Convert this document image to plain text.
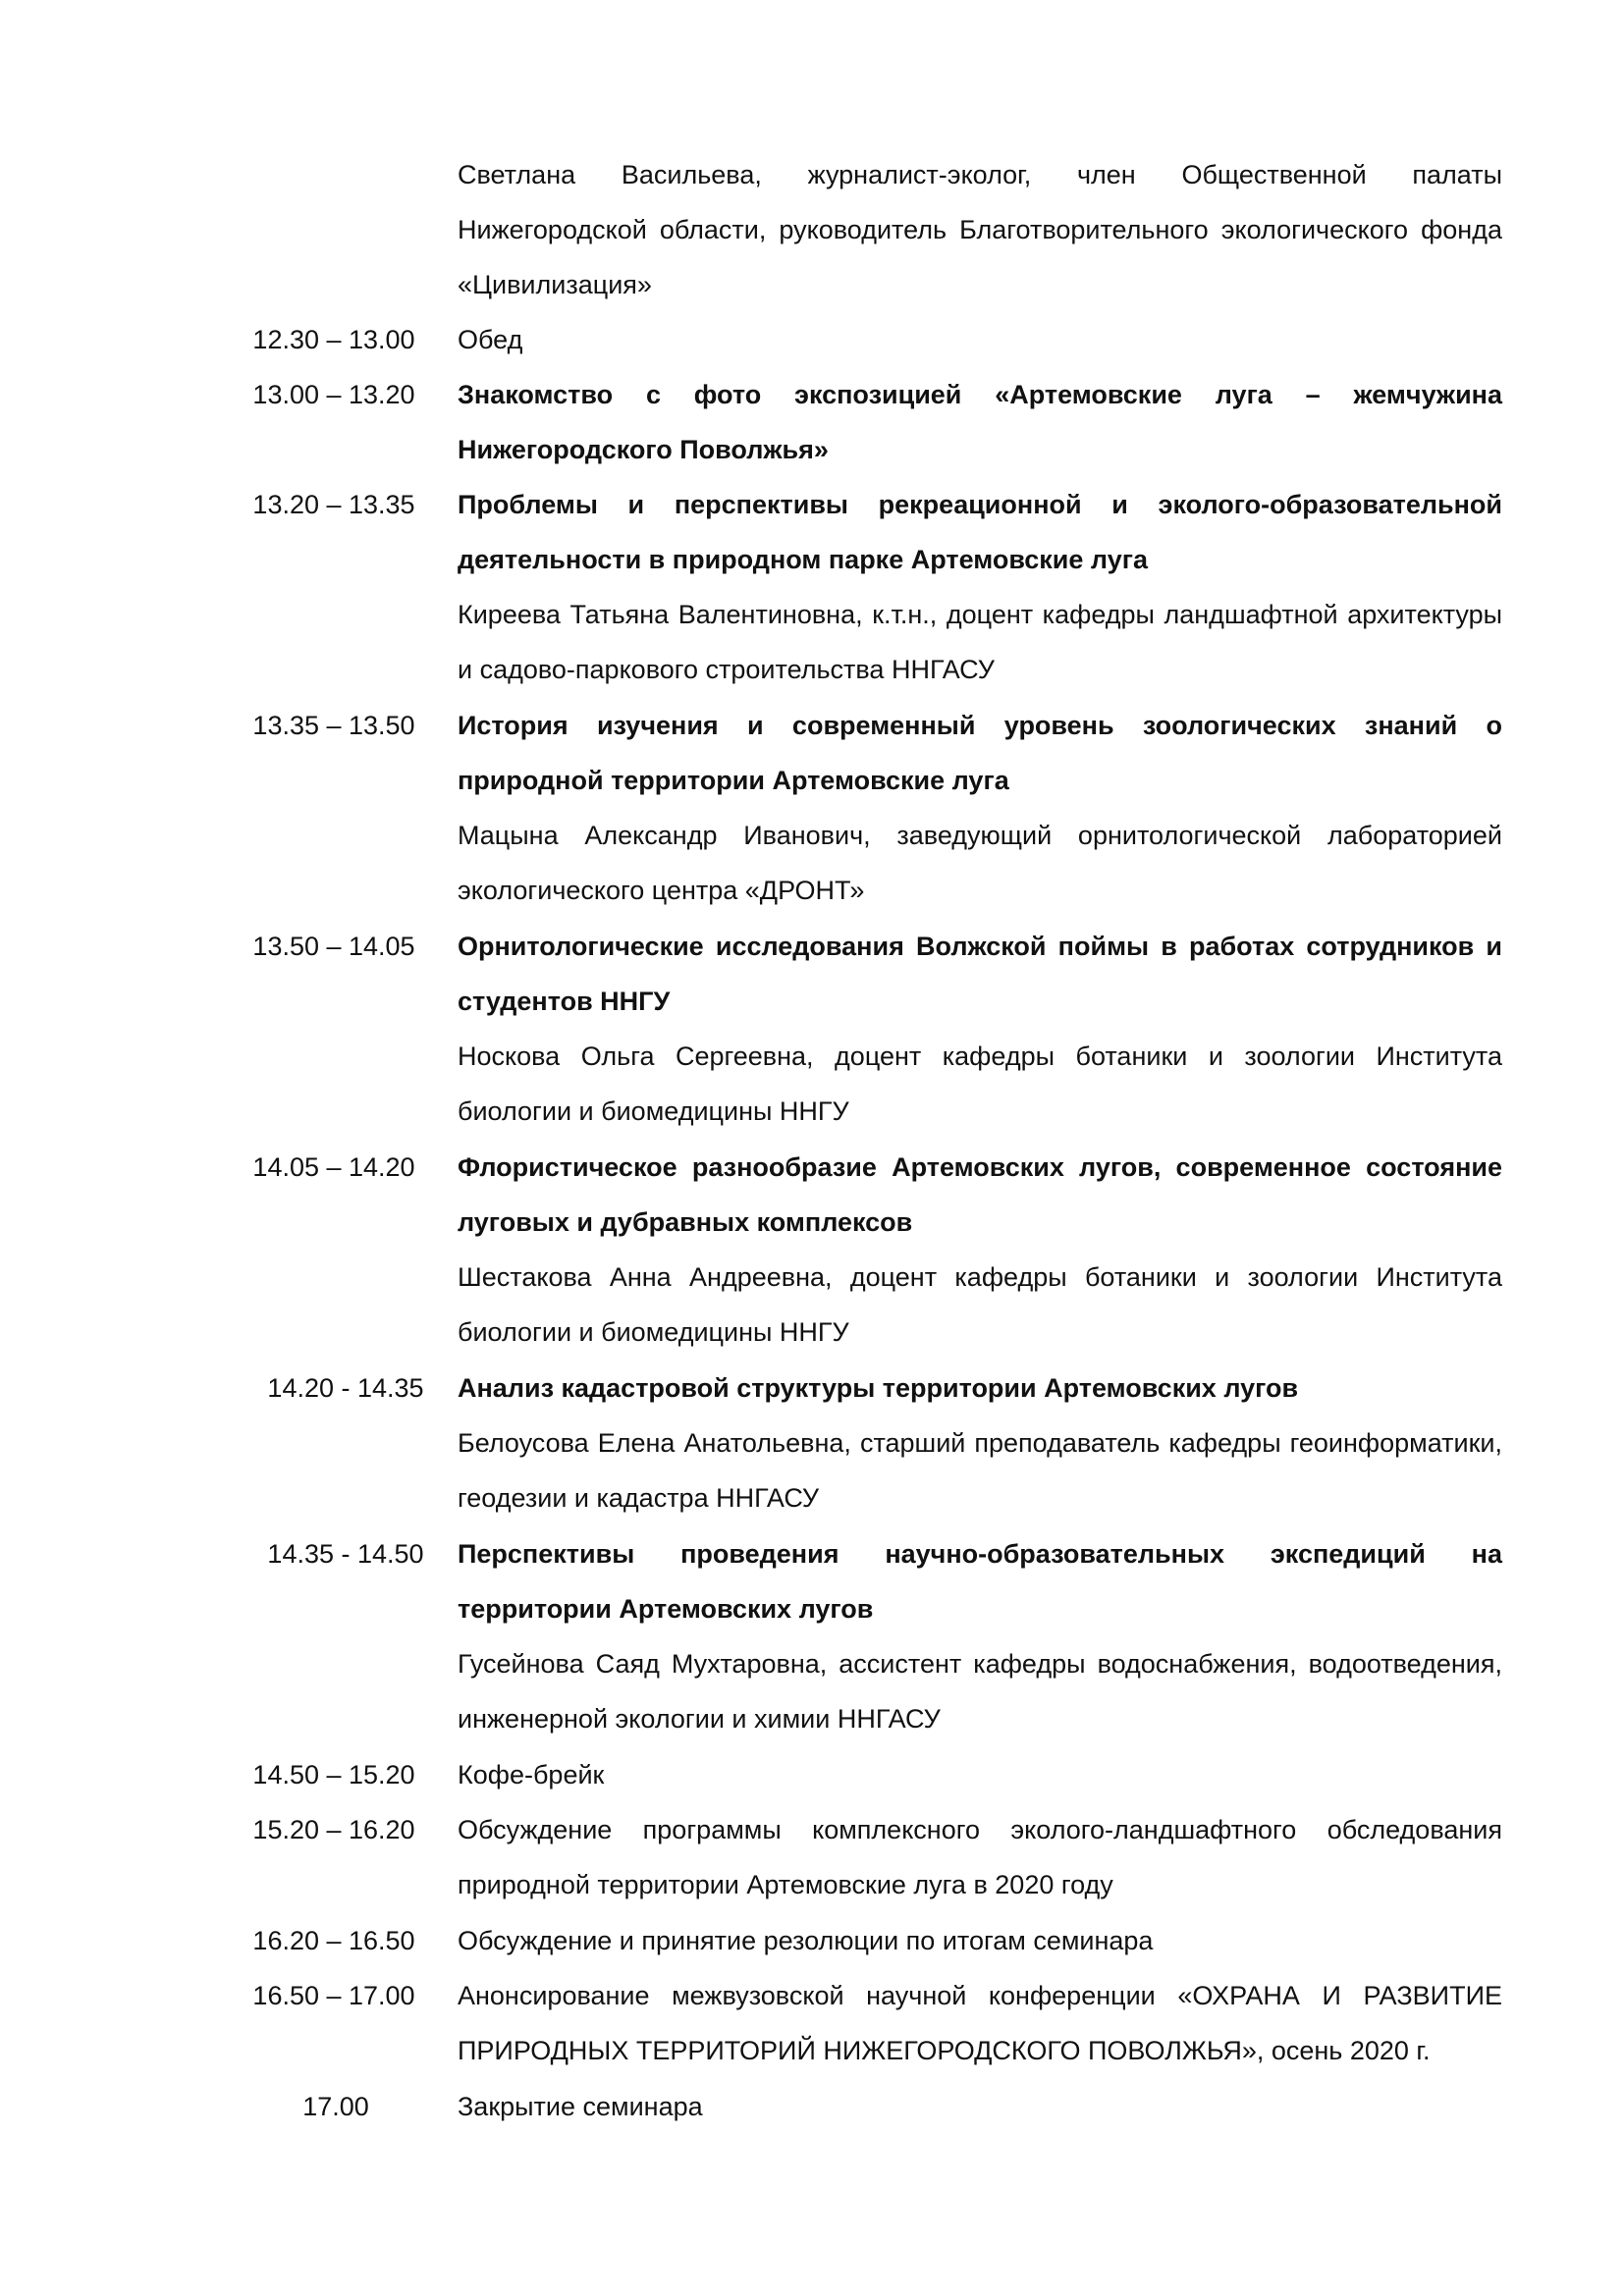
Светлана Васильева, журналист-эколог, член Общественной палаты Нижегородской области, руководитель Благотворительного экологического фонда «Цивилизация»
12.30 – 13.00	Обед
13.00 – 13.20	Знакомство с фото экспозицией «Артемовские луга – жемчужина Нижегородского Поволжья»
13.20 – 13.35	Проблемы и перспективы рекреационной и эколого-образовательной деятельности в природном парке Артемовские луга
Киреева Татьяна Валентиновна, к.т.н., доцент кафедры ландшафтной архитектуры и садово-паркового строительства ННГАСУ
13.35 – 13.50	История изучения и современный уровень зоологических знаний о природной территории Артемовские луга
Мацына Александр Иванович, заведующий орнитологической лабораторией экологического центра «ДРОНТ»
13.50 – 14.05	Орнитологические исследования Волжской поймы в работах сотрудников и студентов ННГУ
Носкова Ольга Сергеевна, доцент кафедры ботаники и зоологии Института биологии и биомедицины ННГУ
14.05 – 14.20	Флористическое разнообразие Артемовских лугов, современное состояние луговых и дубравных комплексов
Шестакова Анна Андреевна, доцент кафедры ботаники и зоологии Института биологии и биомедицины ННГУ
14.20 - 14.35	Анализ кадастровой структуры территории Артемовских лугов
Белоусова Елена Анатольевна, старший преподаватель кафедры геоинформатики, геодезии и кадастра ННГАСУ
14.35 - 14.50	Перспективы проведения научно-образовательных экспедиций на территории Артемовских лугов
Гусейнова Саяд Мухтаровна, ассистент кафедры водоснабжения, водоотведения, инженерной экологии и химии ННГАСУ
14.50 – 15.20	Кофе-брейк
15.20 – 16.20	Обсуждение программы комплексного эколого-ландшафтного обследования природной территории Артемовские луга в 2020 году
16.20 – 16.50	Обсуждение и принятие резолюции по итогам семинара
16.50 – 17.00	Анонсирование межвузовской научной конференции «ОХРАНА И РАЗВИТИЕ ПРИРОДНЫХ ТЕРРИТОРИЙ НИЖЕГОРОДСКОГО ПОВОЛЖЬЯ», осень 2020 г.
17.00	Закрытие семинара
